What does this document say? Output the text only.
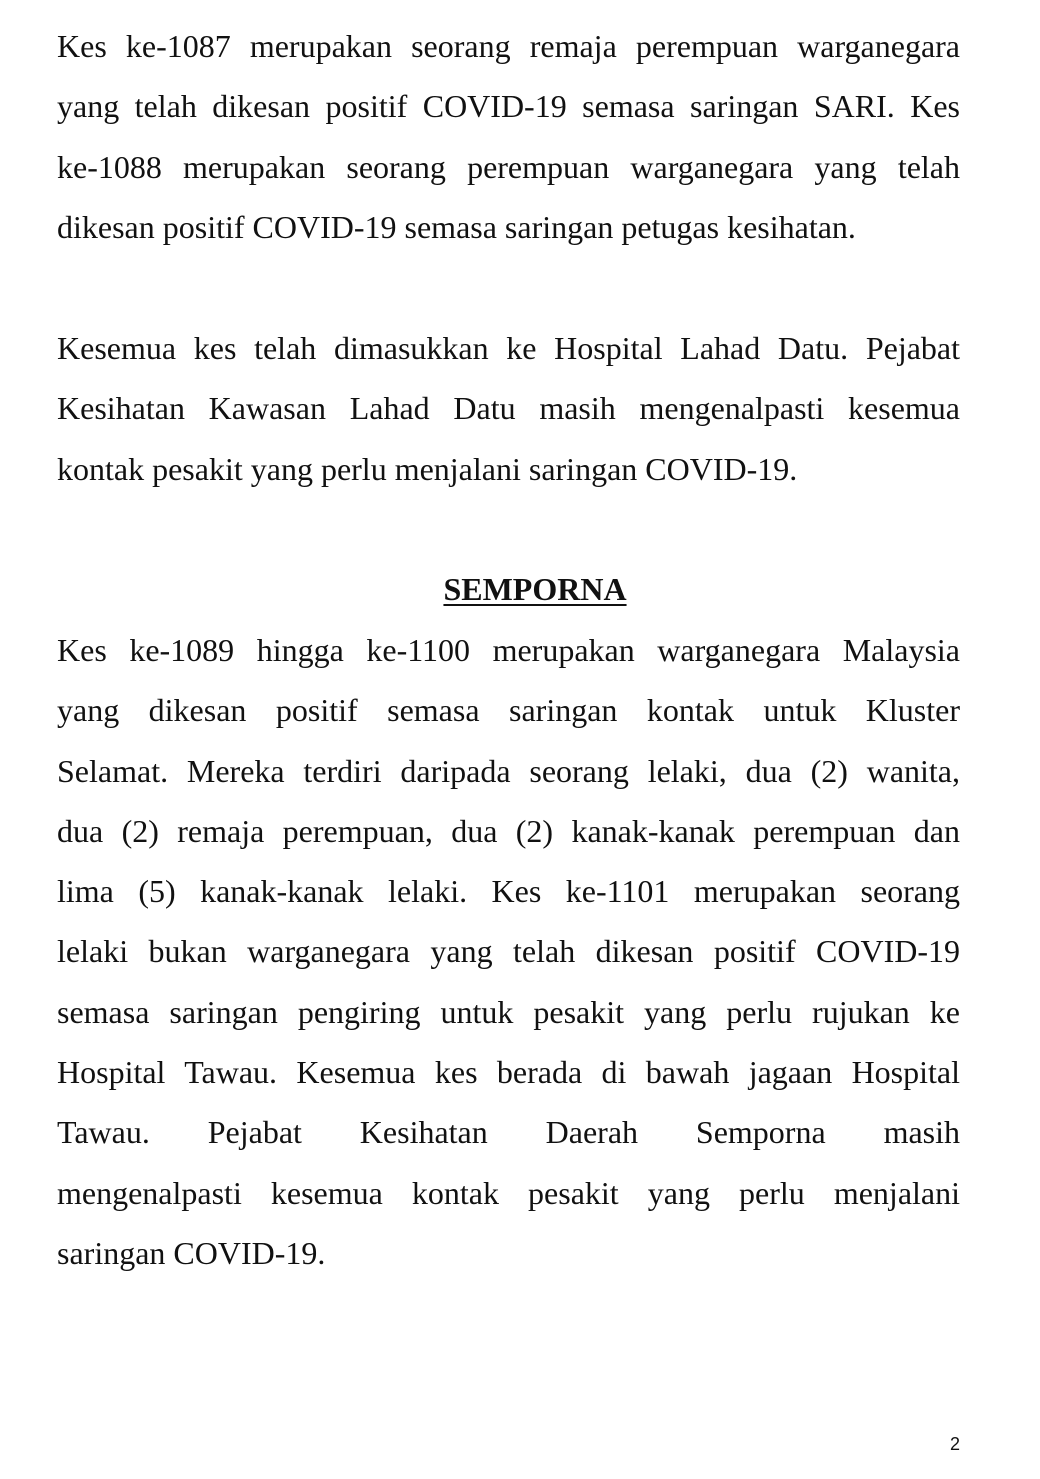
Kes ke-1087 merupakan seorang remaja perempuan warganegara
yang telah dikesan positif COVID-19 semasa saringan SARI. Kes
ke-1088 merupakan seorang perempuan warganegara yang telah
dikesan positif COVID-19 semasa saringan petugas kesihatan.

Kesemua kes telah dimasukkan ke Hospital Lahad Datu. Pejabat
Kesihatan Kawasan Lahad Datu masih mengenalpasti kesemua
kontak pesakit yang perlu menjalani saringan COVID-19.

SEMPORNA

Kes ke-1089 hingga ke-1100 merupakan warganegara Malaysia
yang dikesan positif semasa saringan kontak untuk Kluster
Selamat. Mereka terdiri daripada seorang lelaki, dua (2) wanita,
dua (2) remaja perempuan, dua (2) kanak-kanak perempuan dan
lima (5) kanak-kanak lelaki. Kes ke-1101 merupakan seorang
lelaki bukan warganegara yang telah dikesan positif COVID-19
semasa saringan pengiring untuk pesakit yang perlu rujukan ke
Hospital Tawau. Kesemua kes berada di bawah jagaan Hospital
Tawau. Pejabat Kesihatan Daerah Semporna masih
mengenalpasti kesemua kontak pesakit yang perlu menjalani
saringan COVID-19.

2
